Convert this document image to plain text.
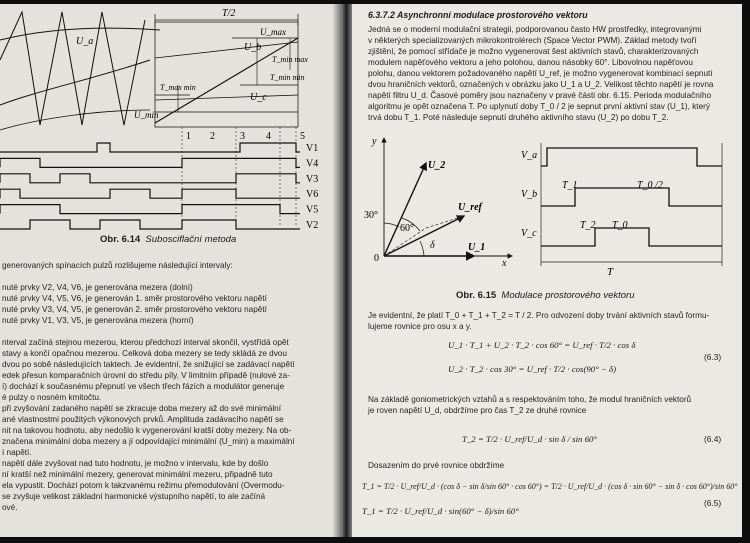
T/2
U_a
U_b
U_c
U_max
U_min
T_max min
T_min max
T_min min
1 2	3 4	5
V1
V4
V3
V6
V5
V2
Obr. 6.14 Subosciflační metoda
generovaných spínacích pulzů rozlišujeme následující intervaly:
nuté prvky V2, V4, V6, je generována mezera (dolní)
nuté prvky V4, V5, V6, je generován 1. směr prostorového vektoru napětí
nuté prvky V3, V4, V5, je generován 2. směr prostorového vektoru napětí
nuté prvky V1, V3, V5, je generována mezera (horní)
nterval začíná stejnou mezerou, kterou předchozí interval skončil, vystřídá opět
stavy a končí opačnou mezerou. Celková doba mezery se tedy skládá ze dvou
dvou po sobě následujících taktech. Je evidentní, že snižující se zadávací napětí
edek přesun komparačních úrovní do středu píly. V limitním případě (nulové za-
í) dochází k současnému přepnutí ve všech třech fázích a modulátor generuje
é pulzy o nosném kmitočtu.
při zvyšování zadaného napětí se zkracuje doba mezery až do své minimální
ané vlastnostmi použitých výkonových prvků. Amplituda zadávacího napětí se
nit na takovou hodnotu, aby nedošlo k vygenerování kratší doby mezery. Na ob-
značena minimální doba mezery a jí odpovídající minimální (U_min) a maximální
í napětí.
napětí dále zvyšovat nad tuto hodnotu, je možno v intervalu, kde by došlo
ní kratší než minimální mezery, generovat minimální mezeru, připadně tuto
ela vypustit. Dochází potom k takzvanému režimu přemodulování (Overmodu-
se zvyšuje velikost základní harmonické výstupního napětí, to ale začíná
ové.
6.3.7.2 Asynchronní modulace prostorového vektoru
Jedná se o moderní modulační strategii, podporovanou často HW prostředky, integrovanými
v některých specializovaných mikrokontrolérech (Space Vector PWM). Základ metody tvoří
zjištění, že pomocí střídače je možno vygenerovat šest aktivních stavů, charakterizovaných
modulem napěťového vektoru a jeho polohou, danou násobky 60°. Libovolnou napěťovou
polohu, danou vektorem požadovaného napětí U_ref, je možno vygenerovat kombinací sepnutí
dvou hraničních vektorů, označených v obrázku jako U_1 a U_2. Velikost těchto napětí je rovna
napětí filtru U_d. Časové poměry jsou naznačeny v pravé části obr. 6.15. Perioda modulačního
algoritmu je opět označena T. Po uplynutí doby T_0 / 2 je sepnut první aktivní stav (U_1), který
trvá dobu T_1. Poté následuje sepnutí druhého aktivního stavu (U_2) po dobu T_2.
y
x
0
U_2
U_ref
U_1
30°
60°
δ
V_a
V_b
V_c
T_1	T_0 /2
T_2 T_0
T
Obr. 6.15 Modulace prostorového vektoru
Je evidentní, že platí T_0 + T_1 + T_2 = T / 2. Pro odvození doby trvání aktivních stavů formu-
lujeme rovnice pro osu x a y.
U_1 · T_1 + U_2 · T_2 · cos 60° = U_ref · T/2 · cos δ
U_2 · T_2 · cos 30° = U_ref · T/2 · cos(90° − δ)
(6.3)
Na základě goniometrických vztahů a s respektováním toho, že modul hraničních vektorů
je roven napětí U_d, obdržíme pro čas T_2 ze druhé rovnice
T_2 = T/2 · U_ref/U_d · sin δ / sin 60°	(6.4)
Dosazením do prvé rovnice obdržíme
T_1 = T/2 · U_ref/U_d · (cos δ − sin δ/sin 60° · cos 60°) = T/2 · U_ref/U_d · (cos δ · sin 60° − sin δ · cos 60°)/sin 60°
T_1 = T/2 · U_ref/U_d · sin(60° − δ)/sin 60°
(6.5)
